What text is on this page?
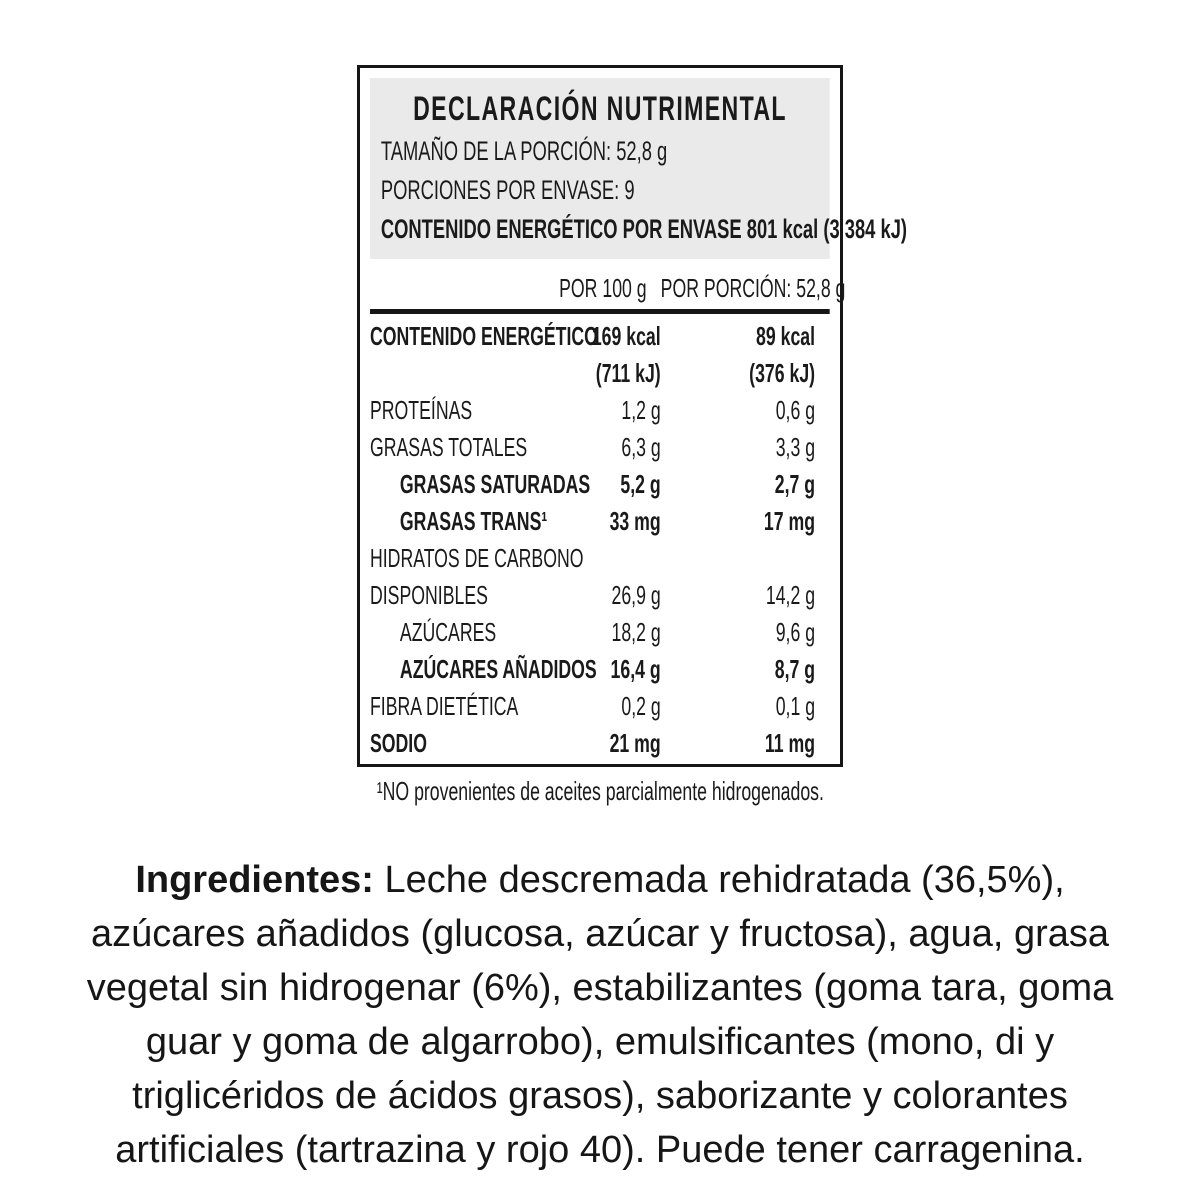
DECLARACIÓN NUTRIMENTAL
TAMAÑO DE LA PORCIÓN: 52,8 g
PORCIONES POR ENVASE: 9
CONTENIDO ENERGÉTICO POR ENVASE 801 kcal (3 384 kJ)
POR 100 g POR PORCIÓN: 52,8 g
CONTENIDO ENERGÉTICO
169 kcal	89 kcal
(711 kJ)	(376 kJ)
PROTEÍNAS	1,2 g	0,6 g
GRASAS TOTALES	6,3 g	3,3 g
GRASAS SATURADAS	5,2 g	2,7 g
GRASAS TRANS¹	33 mg	17 mg
HIDRATOS DE CARBONO
DISPONIBLES	26,9 g	14,2 g
AZÚCARES	18,2 g	9,6 g
AZÚCARES AÑADIDOS 16,4 g	8,7 g
FIBRA DIETÉTICA	0,2 g	0,1 g
SODIO	21 mg	11 mg
¹NO provenientes de aceites parcialmente hidrogenados.
Ingredientes: Leche descremada rehidratada (36,5%),
azúcares añadidos (glucosa, azúcar y fructosa), agua, grasa
vegetal sin hidrogenar (6%), estabilizantes (goma tara, goma
guar y goma de algarrobo), emulsificantes (mono, di y
triglicéridos de ácidos grasos), saborizante y colorantes
artificiales (tartrazina y rojo 40). Puede tener carragenina.
